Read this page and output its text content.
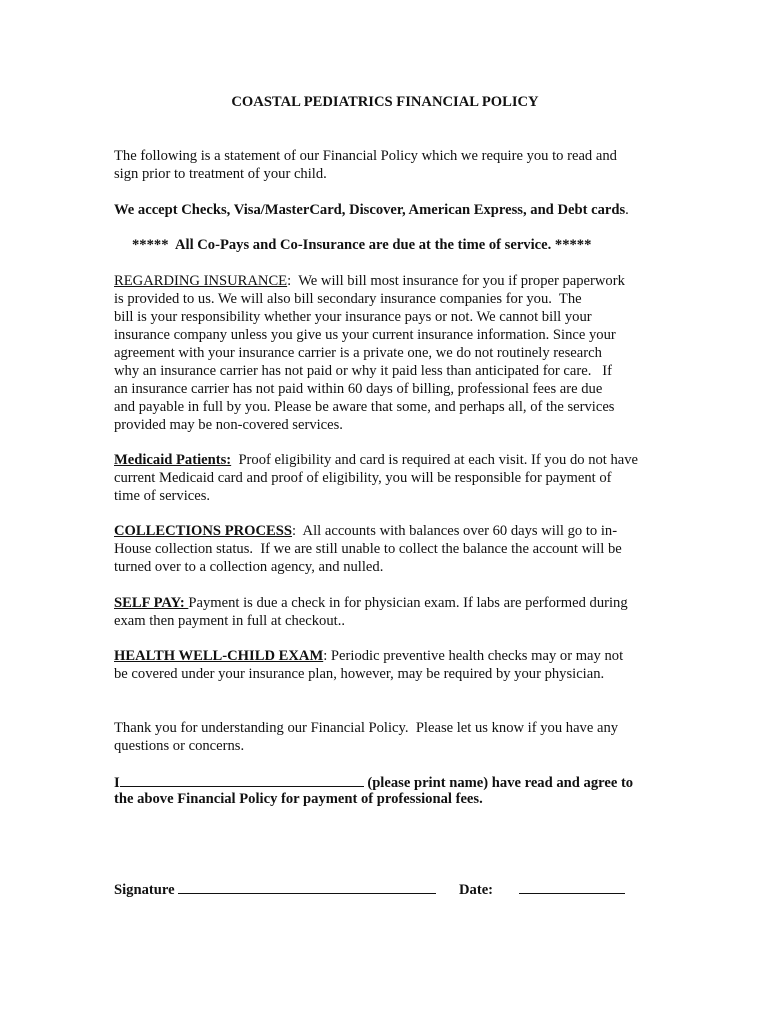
COASTAL PEDIATRICS FINANCIAL POLICY
The following is a statement of our Financial Policy which we require you to read and
sign prior to treatment of your child.
We accept Checks, Visa/MasterCard, Discover, American Express, and Debt cards.
*****  All Co-Pays and Co-Insurance are due at the time of service. *****
REGARDING INSURANCE:  We will bill most insurance for you if proper paperwork
is provided to us. We will also bill secondary insurance companies for you.  The
bill is your responsibility whether your insurance pays or not. We cannot bill your
insurance company unless you give us your current insurance information. Since your
agreement with your insurance carrier is a private one, we do not routinely research
why an insurance carrier has not paid or why it paid less than anticipated for care.   If
an insurance carrier has not paid within 60 days of billing, professional fees are due
and payable in full by you. Please be aware that some, and perhaps all, of the services
provided may be non-covered services.
Medicaid Patients:  Proof eligibility and card is required at each visit. If you do not have
current Medicaid card and proof of eligibility, you will be responsible for payment of
time of services.
COLLECTIONS PROCESS:  All accounts with balances over 60 days will go to in-
House collection status.  If we are still unable to collect the balance the account will be
turned over to a collection agency, and nulled.
SELF PAY: Payment is due a check in for physician exam. If labs are performed during
exam then payment in full at checkout..
HEALTH WELL-CHILD EXAM: Periodic preventive health checks may or may not
be covered under your insurance plan, however, may be required by your physician.
Thank you for understanding our Financial Policy.  Please let us know if you have any
questions or concerns.
I	(please print name) have read and agree to
the above Financial Policy for payment of professional fees.
Signature	Date:
